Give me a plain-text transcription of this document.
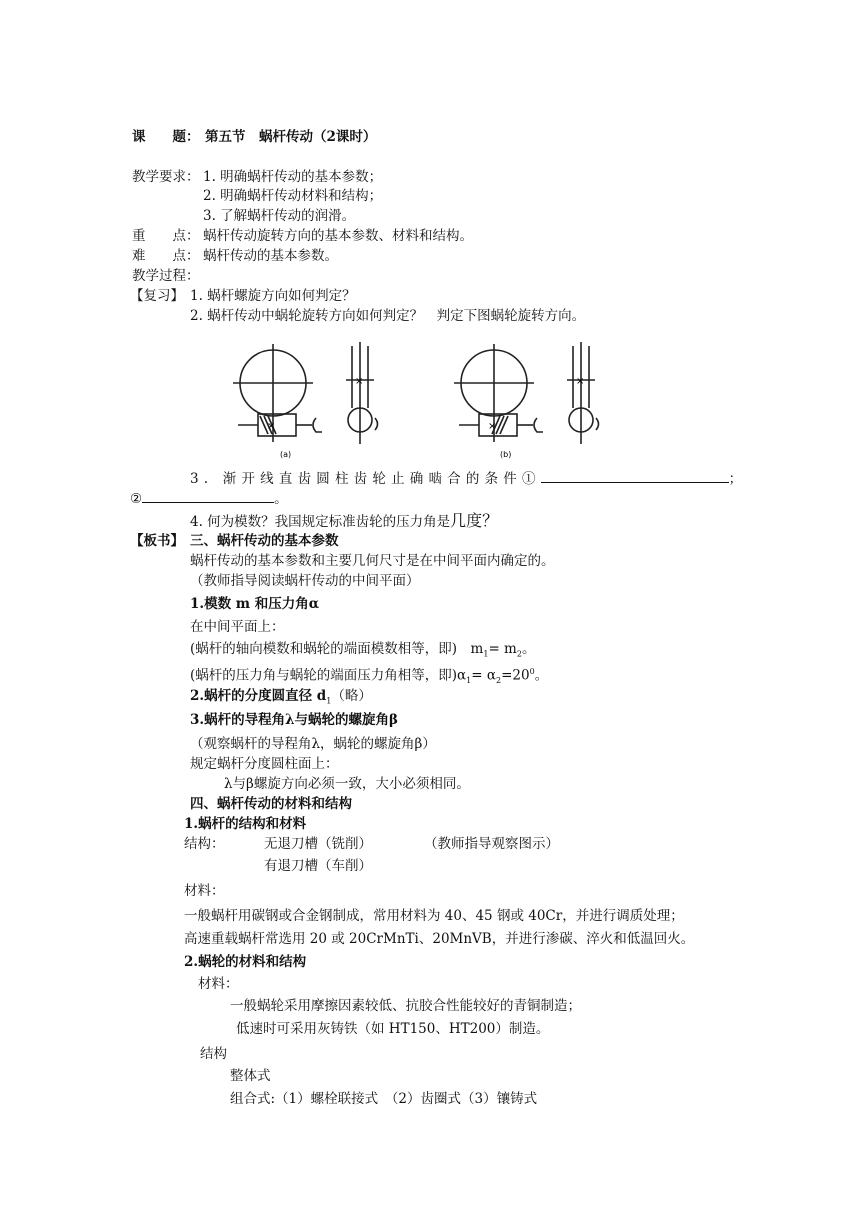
课　　题： 第五节　蜗杆传动（2课时）
教学要求： 1. 明确蜗杆传动的基本参数；
2. 明确蜗杆传动材料和结构；
3. 了解蜗杆传动的润滑。
重　　点： 蜗杆传动旋转方向的基本参数、材料和结构。
难　　点： 蜗杆传动的基本参数。
教学过程：
【复习】 1. 蜗杆螺旋方向如何判定？
2. 蜗杆传动中蜗轮旋转方向如何判定？　判定下图蜗轮旋转方向。
×
×
×
×
(a)	(b)
3. 渐开线直齿圆柱齿轮止确啮合的条件①	；
②	。
4. 何为模数？我国规定标准齿轮的压力角是几度？
【板书】 三、蜗杆传动的基本参数
蜗杆传动的基本参数和主要几何尺寸是在中间平面内确定的。
（教师指导阅读蜗杆传动的中间平面）
1.模数 m 和压力角α
在中间平面上：
(蜗杆的轴向模数和蜗轮的端面模数相等，即)　$m_1= m_2$。
(蜗杆的压力角与蜗轮的端面压力角相等，即)$\alpha_1= \alpha_2=20^0$。
2.蜗杆的分度圆直径 $d_1$（略）
3.蜗杆的导程角λ与蜗轮的螺旋角β
（观察蜗杆的导程角λ，蜗轮的螺旋角β）
规定蜗杆分度圆柱面上：
λ与β螺旋方向必须一致，大小必须相同。
四、蜗杆传动的材料和结构
1.蜗杆的结构和材料
结构：	无退刀槽（铣削）	（教师指导观察图示）
有退刀槽（车削）
材料：
一般蜗杆用碳钢或合金钢制成，常用材料为 40、45 钢或 40Cr，并进行调质处理；
高速重载蜗杆常选用 20 或 20CrMnTi、20MnVB，并进行渗碳、淬火和低温回火。
2.蜗轮的材料和结构
材料：
一般蜗轮采用摩擦因素较低、抗胶合性能较好的青铜制造；
低速时可采用灰铸铁（如 HT150、HT200）制造。
结构
整体式
组合式:（1）螺栓联接式　（2）齿圈式（3）镶铸式
